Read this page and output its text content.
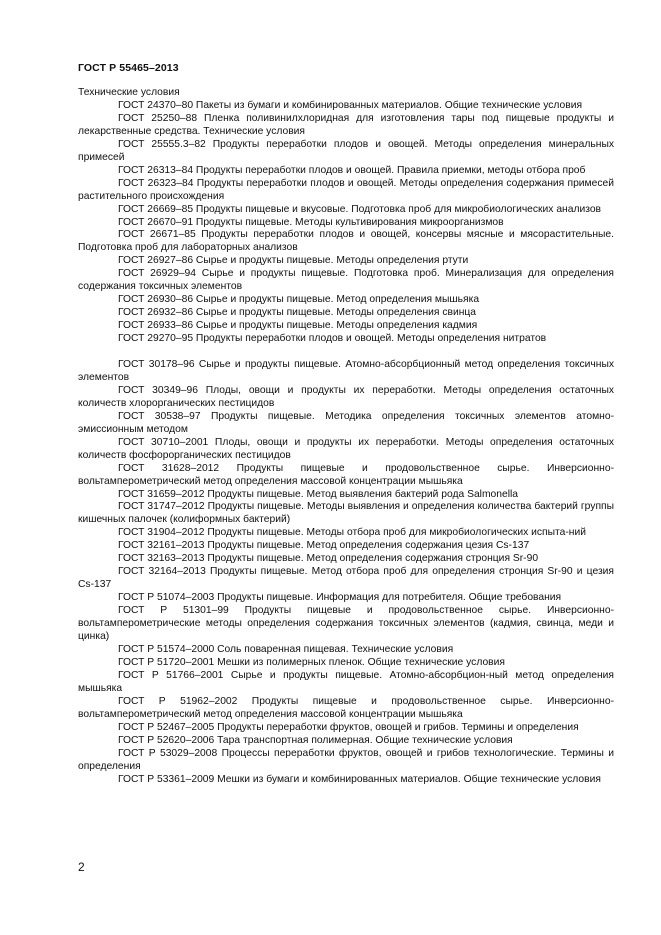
ГОСТ Р 55465–2013

Технические условия

ГОСТ 24370–80 Пакеты из бумаги и комбинированных материалов. Общие технические условия

ГОСТ 25250–88 Пленка поливинилхлоридная для изготовления тары под пищевые продукты и лекарственные средства. Технические условия

ГОСТ 25555.3–82 Продукты переработки плодов и овощей. Методы определения минеральных примесей

ГОСТ 26313–84 Продукты переработки плодов и овощей. Правила приемки, методы отбора проб

ГОСТ 26323–84 Продукты переработки плодов и овощей. Методы определения содержания примесей растительного происхождения

ГОСТ 26669–85 Продукты пищевые и вкусовые. Подготовка проб для микробиологических анализов

ГОСТ 26670–91 Продукты пищевые. Методы культивирования микроорганизмов

ГОСТ 26671–85 Продукты переработки плодов и овощей, консервы мясные и мясорастительные. Подготовка проб для лабораторных анализов

ГОСТ 26927–86 Сырье и продукты пищевые. Методы определения ртути

ГОСТ 26929–94 Сырье и продукты пищевые. Подготовка проб. Минерализация для определения содержания токсичных элементов

ГОСТ 26930–86 Сырье и продукты пищевые. Метод определения мышьяка

ГОСТ 26932–86 Сырье и продукты пищевые. Методы определения свинца

ГОСТ 26933–86 Сырье и продукты пищевые. Методы определения кадмия

ГОСТ 29270–95 Продукты переработки плодов и овощей. Методы определения нитратов

ГОСТ 30178–96 Сырье и продукты пищевые. Атомно-абсорбционный метод определения токсичных элементов

ГОСТ 30349–96 Плоды, овощи и продукты их переработки. Методы определения остаточных количеств хлорорганических пестицидов

ГОСТ 30538–97 Продукты пищевые. Методика определения токсичных элементов атомно-эмиссионным методом

ГОСТ 30710–2001 Плоды, овощи и продукты их переработки. Методы определения остаточных количеств фосфорорганических пестицидов

ГОСТ 31628–2012 Продукты пищевые и продовольственное сырье. Инверсионно-вольтамперометрический метод определения массовой концентрации мышьяка

ГОСТ 31659–2012 Продукты пищевые. Метод выявления бактерий рода Salmonella

ГОСТ 31747–2012 Продукты пищевые. Методы выявления и определения количества бактерий группы кишечных палочек (колиформных бактерий)

ГОСТ 31904–2012 Продукты пищевые. Методы отбора проб для микробиологических испыта-ний

ГОСТ 32161–2013 Продукты пищевые. Метод определения содержания цезия Cs-137

ГОСТ 32163–2013 Продукты пищевые. Метод определения содержания стронция Sr-90

ГОСТ 32164–2013 Продукты пищевые. Метод отбора проб для определения стронция Sr-90 и цезия Cs-137

ГОСТ Р 51074–2003 Продукты пищевые. Информация для потребителя. Общие требования

ГОСТ Р 51301–99 Продукты пищевые и продовольственное сырье. Инверсионно-вольтамперометрические методы определения содержания токсичных элементов (кадмия, свинца, меди и цинка)

ГОСТ Р 51574–2000 Соль поваренная пищевая. Технические условия

ГОСТ Р 51720–2001 Мешки из полимерных пленок. Общие технические условия

ГОСТ Р 51766–2001 Сырье и продукты пищевые. Атомно-абсорбцион-ный метод определения мышьяка

ГОСТ Р 51962–2002 Продукты пищевые и продовольственное сырье. Инверсионно-вольтамперометрический метод определения массовой концентрации мышьяка

ГОСТ Р 52467–2005 Продукты переработки фруктов, овощей и грибов. Термины и определения

ГОСТ Р 52620–2006 Тара транспортная полимерная. Общие технические условия

ГОСТ Р 53029–2008 Процессы переработки фруктов, овощей и грибов технологические. Термины и определения

ГОСТ Р 53361–2009 Мешки из бумаги и комбинированных материалов. Общие технические условия

2
